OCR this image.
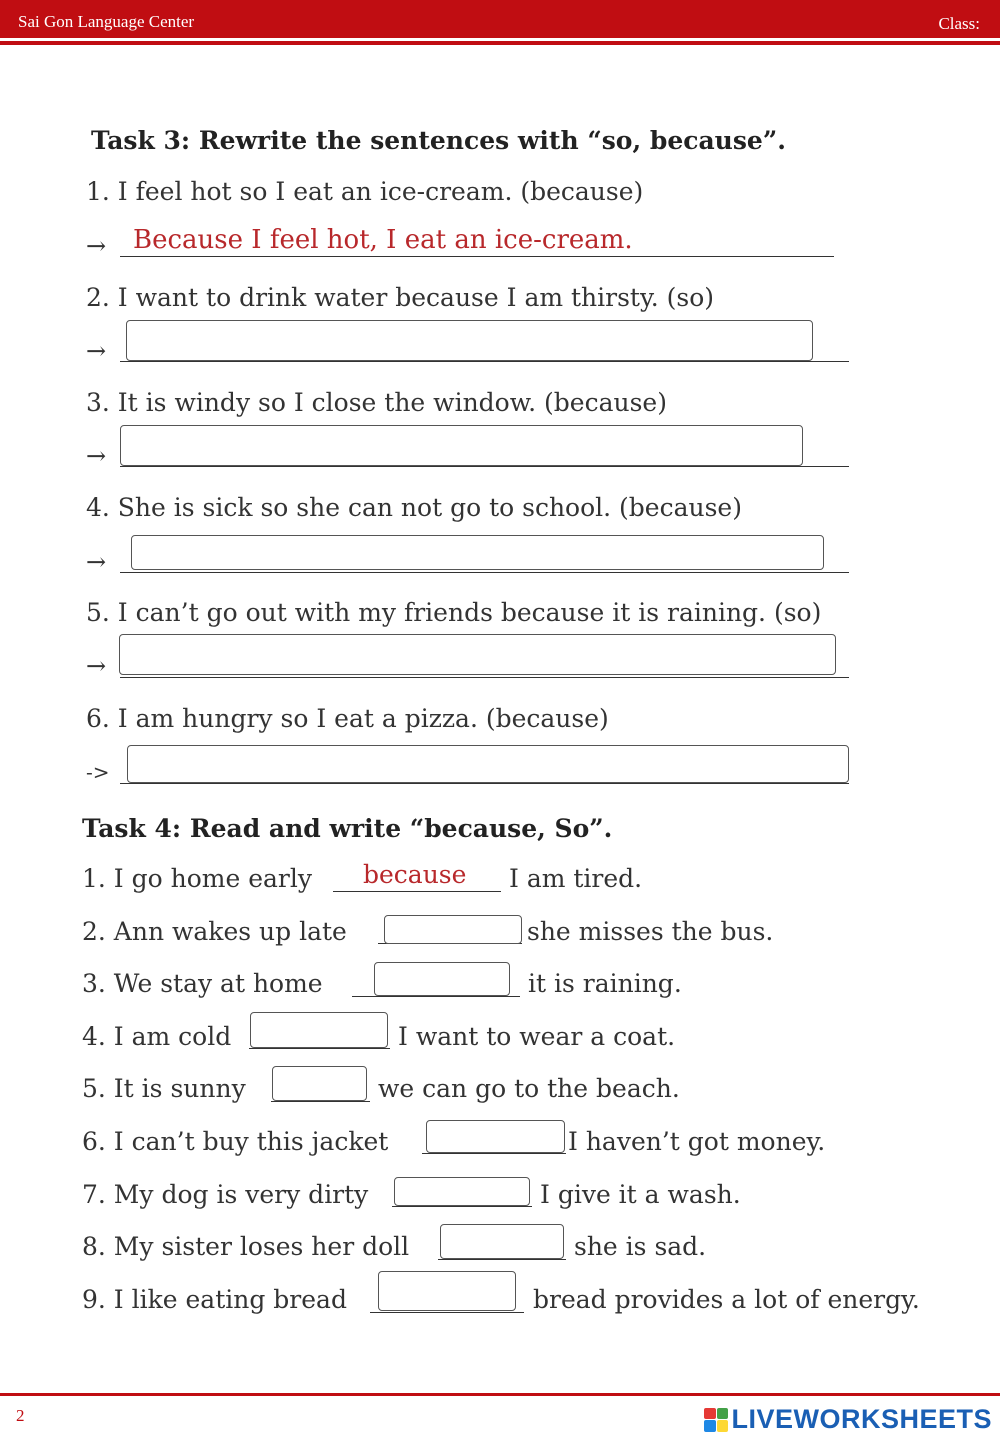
Sai Gon Language Center	Class:
Task 3: Rewrite the sentences with “so, because”.
1. I feel hot so I eat an ice-cream. (because)
→ Because I feel hot, I eat an ice-cream.
2. I want to drink water because I am thirsty. (so)
→
3. It is windy so I close the window. (because)
→
4. She is sick so she can not go to school. (because)
→
5. I can’t go out with my friends because it is raining. (so)
→
6. I am hungry so I eat a pizza. (because)
->
Task 4: Read and write “because, So”.
1. I go home early because I am tired.
2. Ann wakes up late	she misses the bus.
3. We stay at home	it is raining.
4. I am cold	I want to wear a coat.
5. It is sunny	we can go to the beach.
6. I can’t buy this jacket	I haven’t got money.
7. My dog is very dirty	I give it a wash.
8. My sister loses her doll	she is sad.
9. I like eating bread	bread provides a lot of energy.
2	LIVEWORKSHEETS
